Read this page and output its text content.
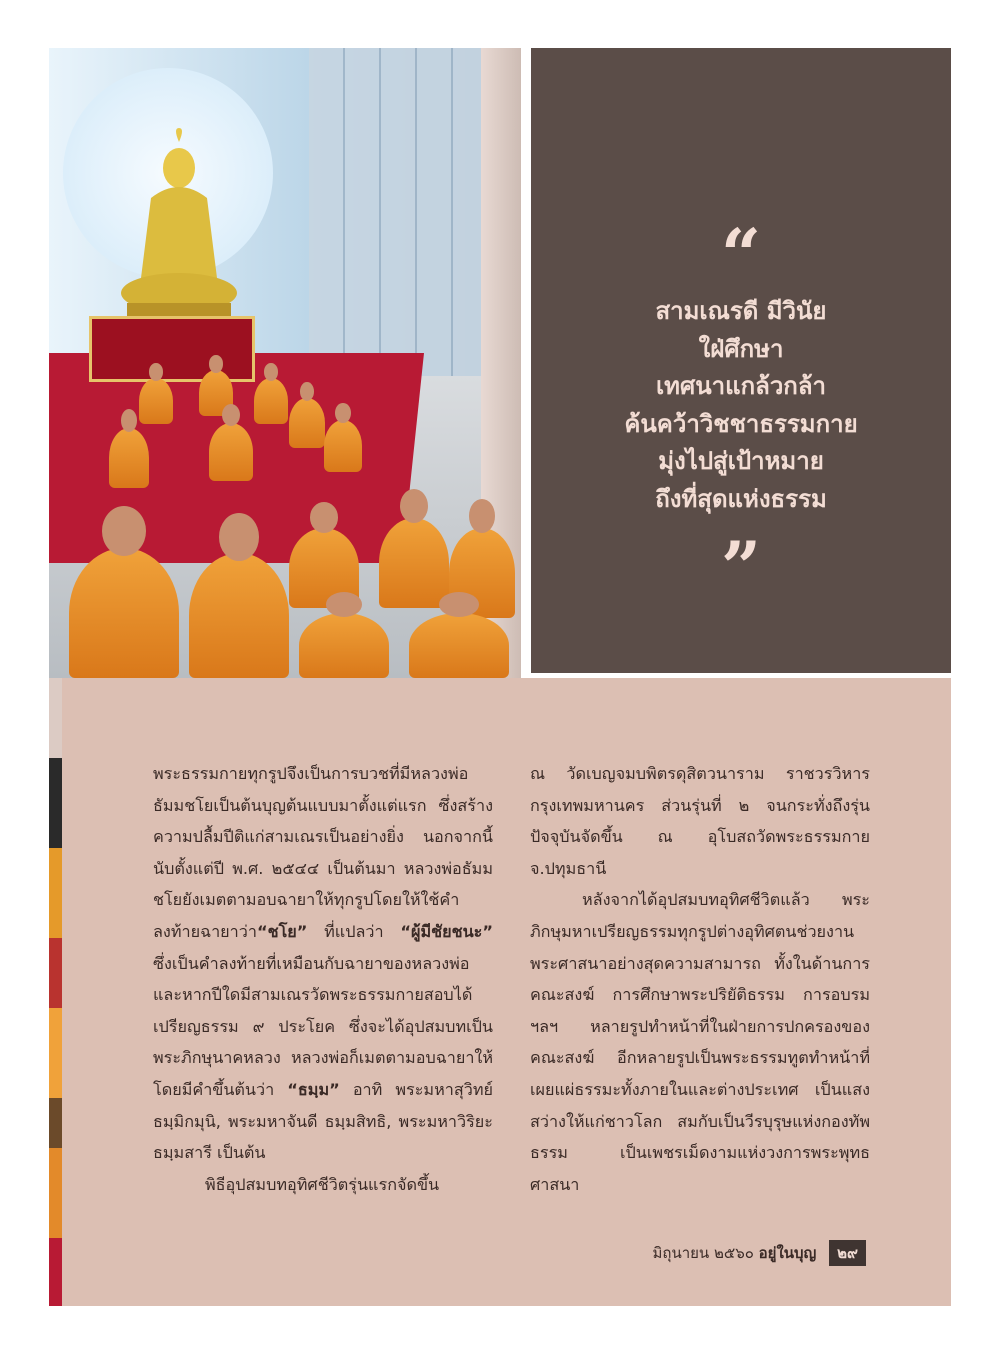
“
สามเณรดี มีวินัย
ใฝ่ศึกษา
เทศนาแกล้วกล้า
ค้นคว้าวิชชาธรรมกาย
มุ่งไปสู่เป้าหมาย
ถึงที่สุดแห่งธรรม
”

พระธรรมกายทุกรูปจึงเป็นการบวชที่มีหลวงพ่อธัมมชโยเป็นต้นบุญต้นแบบมาตั้งแต่แรก ซึ่งสร้างความปลื้มปีติแก่สามเณรเป็นอย่างยิ่ง นอกจากนี้ นับตั้งแต่ปี พ.ศ. ๒๕๔๔ เป็นต้นมา หลวงพ่อธัมมชโยยังเมตตามอบฉายาให้ทุกรูปโดยให้ใช้คำลงท้ายฉายาว่า“ชโย” ที่แปลว่า “ผู้มีชัยชนะ” ซึ่งเป็นคำลงท้ายที่เหมือนกับฉายาของหลวงพ่อ และหากปีใดมีสามเณรวัดพระธรรมกายสอบได้เปรียญธรรม ๙ ประโยค ซึ่งจะได้อุปสมบทเป็นพระภิกษุนาคหลวง หลวงพ่อก็เมตตามอบฉายาให้ โดยมีคำขึ้นต้นว่า “ธมฺม” อาทิ พระมหาสุวิทย์ ธมฺมิกมุนิ, พระมหาจันดี ธมฺมสิทธิ, พระมหาวิริยะ ธมฺมสารี เป็นต้น

พิธีอุปสมบทอุทิศชีวิตรุ่นแรกจัดขึ้น

ณ วัดเบญจมบพิตรดุสิตวนาราม ราชวรวิหาร กรุงเทพมหานคร ส่วนรุ่นที่ ๒ จนกระทั่งถึงรุ่นปัจจุบันจัดขึ้น ณ อุโบสถวัดพระธรรมกาย จ.ปทุมธานี

หลังจากได้อุปสมบทอุทิศชีวิตแล้ว พระภิกษุมหาเปรียญธรรมทุกรูปต่างอุทิศตนช่วยงานพระศาสนาอย่างสุดความสามารถ ทั้งในด้านการคณะสงฆ์ การศึกษาพระปริยัติธรรม การอบรม ฯลฯ หลายรูปทำหน้าที่ในฝ่ายการปกครองของคณะสงฆ์ อีกหลายรูปเป็นพระธรรมทูตทำหน้าที่เผยแผ่ธรรมะทั้งภายในและต่างประเทศ เป็นแสงสว่างให้แก่ชาวโลก สมกับเป็นวีรบุรุษแห่งกองทัพธรรม เป็นเพชรเม็ดงามแห่งวงการพระพุทธศาสนา

มิถุนายน ๒๕๖๐ อยู่ในบุญ ๒๙
